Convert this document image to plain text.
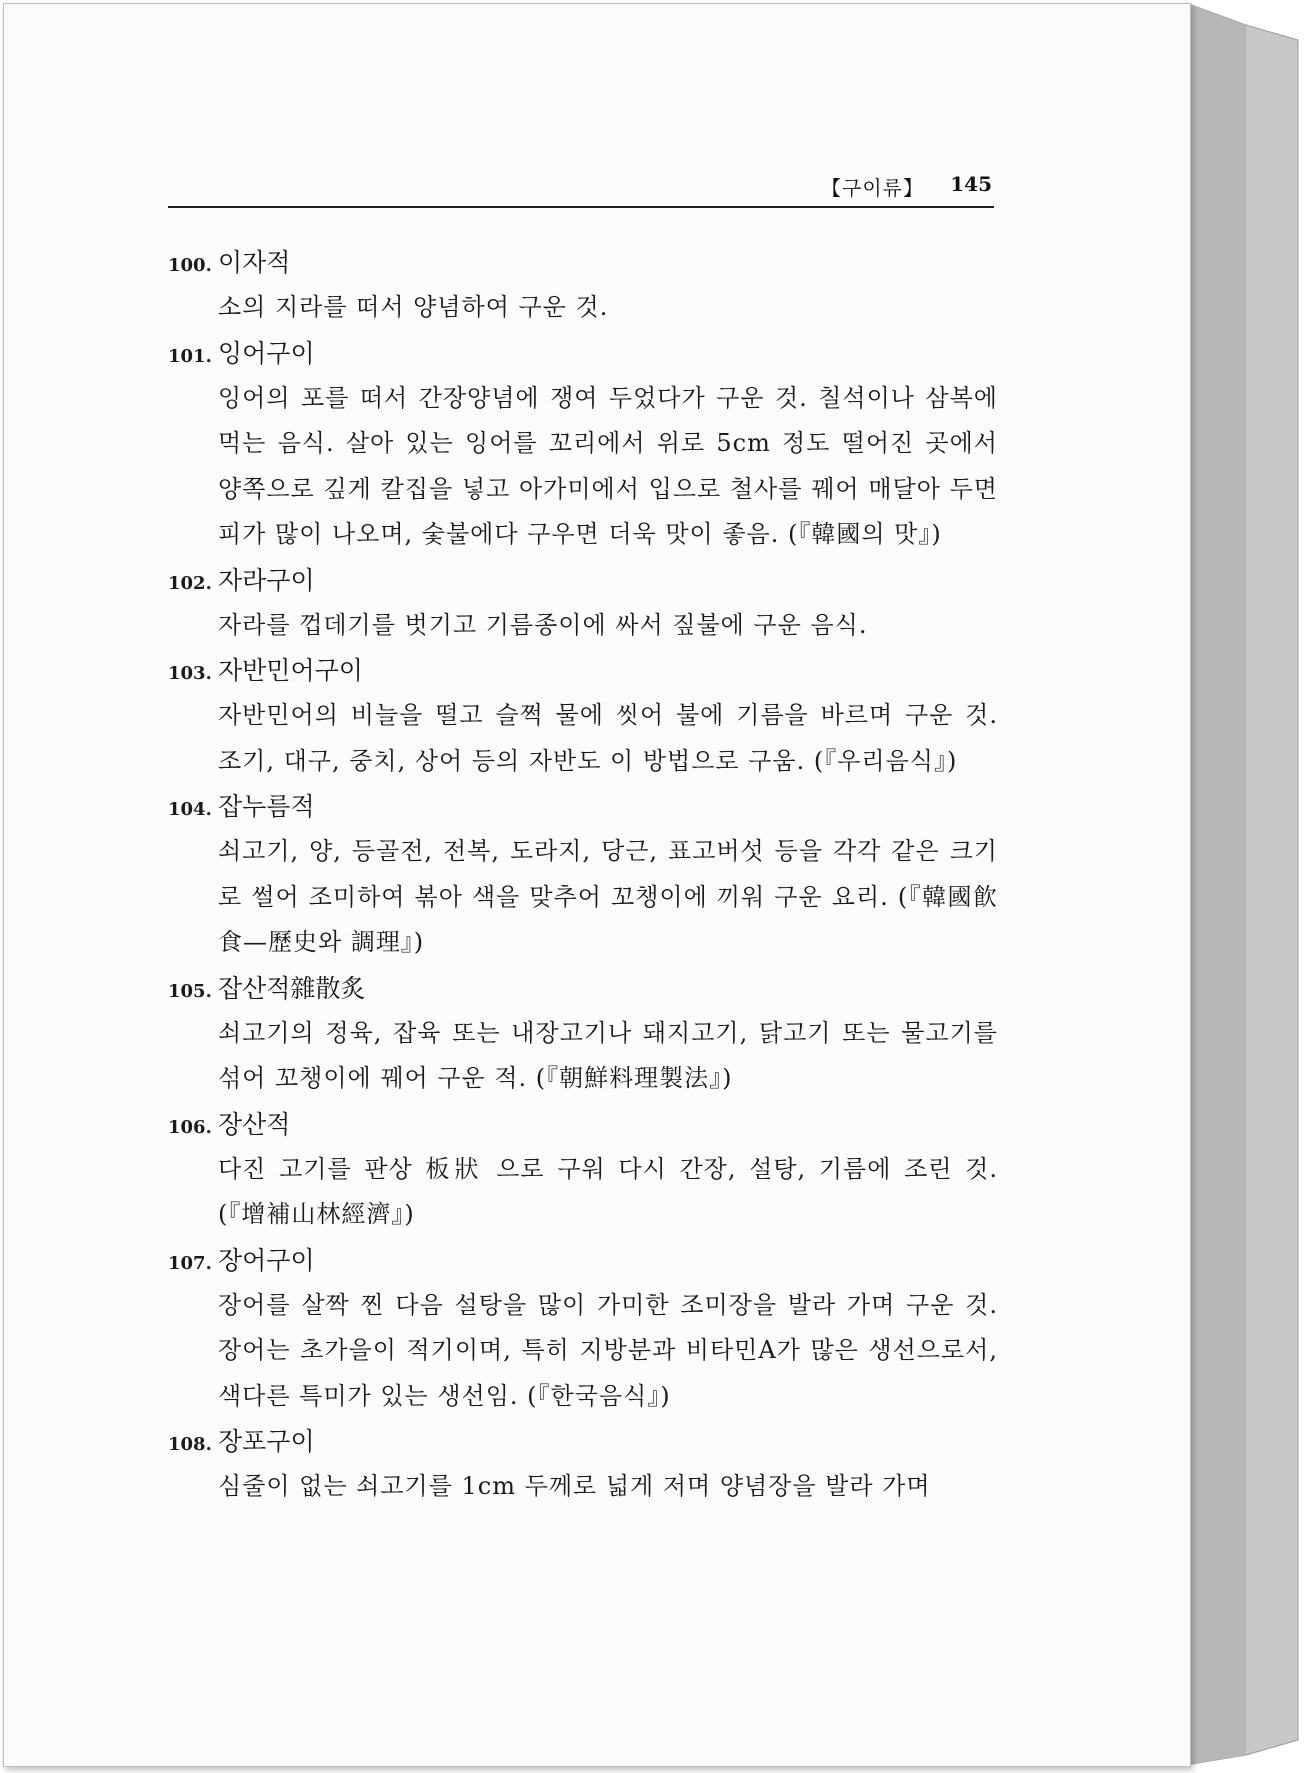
【구이류】 145
100. 이자적
소의 지라를 떠서 양념하여 구운 것.
101. 잉어구이
잉어의 포를 떠서 간장양념에 쟁여 두었다가 구운 것. 칠석이나 삼복에 먹는 음식. 살아 있는 잉어를 꼬리에서 위로 5cm 정도 떨어진 곳에서 양쪽으로 깊게 칼집을 넣고 아가미에서 입으로 철사를 꿰어 매달아 두면 피가 많이 나오며, 숯불에다 구우면 더욱 맛이 좋음. (『韓國의 맛』)
102. 자라구이
자라를 껍데기를 벗기고 기름종이에 싸서 짚불에 구운 음식.
103. 자반민어구이
자반민어의 비늘을 떨고 슬쩍 물에 씻어 불에 기름을 바르며 구운 것. 조기, 대구, 중치, 상어 등의 자반도 이 방법으로 구움. (『우리음식』)
104. 잡누름적
쇠고기, 양, 등골전, 전복, 도라지, 당근, 표고버섯 등을 각각 같은 크기로 썰어 조미하여 볶아 색을 맞추어 꼬챙이에 끼워 구운 요리. (『韓國飮食—歷史와 調理』)
105. 잡산적雜散炙
쇠고기의 정육, 잡육 또는 내장고기나 돼지고기, 닭고기 또는 물고기를 섞어 꼬챙이에 꿰어 구운 적. (『朝鮮料理製法』)
106. 장산적
다진 고기를 판상 板狀 으로 구워 다시 간장, 설탕, 기름에 조린 것. (『增補山林經濟』)
107. 장어구이
장어를 살짝 찐 다음 설탕을 많이 가미한 조미장을 발라 가며 구운 것. 장어는 초가을이 적기이며, 특히 지방분과 비타민A가 많은 생선으로서, 색다른 특미가 있는 생선임. (『한국음식』)
108. 장포구이
심줄이 없는 쇠고기를 1cm 두께로 넓게 저며 양념장을 발라 가며
